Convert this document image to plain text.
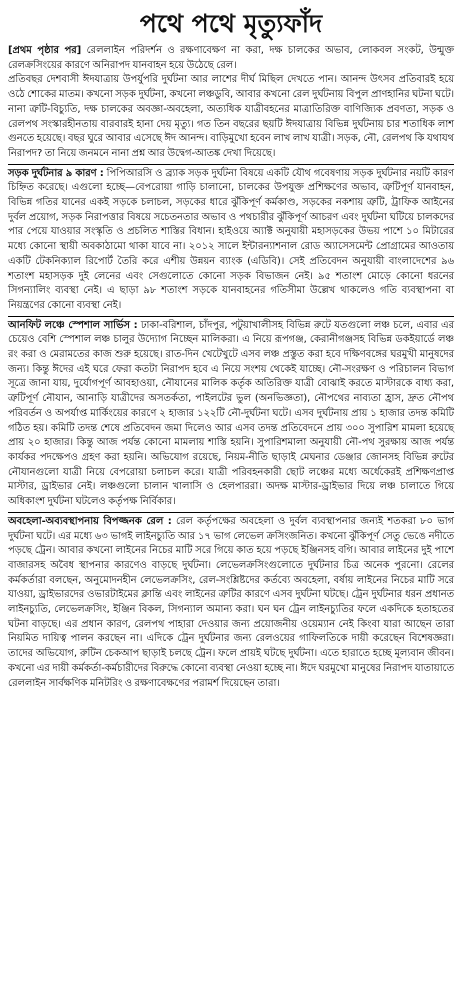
পথে পথে মৃত্যুফাঁদ

[প্রথম পৃষ্ঠার পর] রেললাইন পরিদর্শন ও রক্ষণাবেক্ষণ না করা, দক্ষ চালকের অভাব, লোকবল সংকট, উন্মুক্ত রেলক্রসিংয়ের কারণে অনিরাপদ যানবাহন হয়ে উঠেছে রেল।

প্রতিবছর দেশবাসী ঈদযাত্রায় উপর্যুপরি দুর্ঘটনা আর লাশের দীর্ঘ মিছিল দেখতে পান। আনন্দ উৎসব প্রতিবারই হয়ে ওঠে শোকের মাতম। কখনো সড়ক দুর্ঘটনা, কখনো লঞ্চডুবি, আবার কখনো রেল দুর্ঘটনায় বিপুল প্রাণহানির ঘটনা ঘটে। নানা ত্রুটি-বিচ্যুতি, দক্ষ চালকের অবজ্ঞা-অবহেলা, অত্যধিক যাত্রীবহনের মাত্রাতিরিক্ত বাণিজ্যিক প্রবণতা, সড়ক ও রেলপথ সংস্কারহীনতায় বারবারই হানা দেয় মৃত্যু। গত তিন বছরের ছয়টি ঈদযাত্রায় বিভিন্ন দুর্ঘটনায় চার শতাধিক লাশ গুনতে হয়েছে। বছর ঘুরে আবার এসেছে ঈদ আনন্দ। বাড়িমুখো হবেন লাখ লাখ যাত্রী। সড়ক, নৌ, রেলপথ কি যথাযথ নিরাপদ? তা নিয়ে জনমনে নানা প্রশ্ন আর উদ্বেগ-আতঙ্ক দেখা দিয়েছে।

সড়ক দুর্ঘটনার ৯ কারণ : পিপিআরসি ও ব্র্যাক সড়ক দুর্ঘটনা বিষয়ে একটি যৌথ গবেষণায় সড়ক দুর্ঘটনার নয়টি কারণ চিহ্নিত করেছে। এগুলো হচ্ছে—বেপরোয়া গাড়ি চালানো, চালকের উপযুক্ত প্রশিক্ষণের অভাব, ত্রুটিপূর্ণ যানবাহন, বিভিন্ন গতির যানের একই সড়কে চলাচল, সড়কের ধারে ঝুঁকিপূর্ণ কর্মকাণ্ড, সড়কের নকশায় ত্রুটি, ট্রাফিক আইনের দুর্বল প্রয়োগ, সড়ক নিরাপত্তার বিষয়ে সচেতনতার অভাব ও পথচারীর ঝুঁকিপূর্ণ আচরণ এবং দুর্ঘটনা ঘটিয়ে চালকদের পার পেয়ে যাওয়ার সংস্কৃতি ও প্রচলিত শাস্তির বিধান। হাইওয়ে অ্যাক্ট অনুযায়ী মহাসড়কের উভয় পাশে ১০ মিটারের মধ্যে কোনো স্থায়ী অবকাঠামো থাকা যাবে না। ২০১২ সালে ইন্টারন্যাশনাল রোড অ্যাসেসমেন্ট প্রোগ্রামের আওতায় একটি টেকনিক্যাল রিপোর্ট তৈরি করে এশীয় উন্নয়ন ব্যাংক (এডিবি)। সেই প্রতিবেদন অনুযায়ী বাংলাদেশের ৯৬ শতাংশ মহাসড়ক দুই লেনের এবং সেগুলোতে কোনো সড়ক বিভাজন নেই। ৯৫ শতাংশ মোড়ে কোনো ধরনের সিগন্যালিং ব্যবস্থা নেই। এ ছাড়া ৯৮ শতাংশ সড়কে যানবাহনের গতিসীমা উল্লেখ থাকলেও গতি ব্যবস্থাপনা বা নিয়ন্ত্রণের কোনো ব্যবস্থা নেই।

আনফিট লঞ্চে স্পেশাল সার্ভিস : ঢাকা-বরিশাল, চাঁদপুর, পটুয়াখালীসহ বিভিন্ন রুটে যতগুলো লঞ্চ চলে, এবার এর চেয়েও বেশি স্পেশাল লঞ্চ চালুর উদ্যোগ নিচ্ছেন মালিকরা। এ নিয়ে রূপগঞ্জ, কেরানীগঞ্জসহ বিভিন্ন ডকইয়ার্ডে লঞ্চ রং করা ও মেরামতের কাজ শুরু হয়েছে। রাত-দিন খেটেখুটে এসব লঞ্চ প্রস্তুত করা হবে দক্ষিণবঙ্গের ঘরমুখী মানুষদের জন্য। কিন্তু ঈদের এই ঘরে ফেরা কতটা নিরাপদ হবে এ নিয়ে সংশয় থেকেই যাচ্ছে। নৌ-সংরক্ষণ ও পরিচালন বিভাগ সূত্রে জানা যায়, দুর্যোগপূর্ণ আবহাওয়া, নৌযানের মালিক কর্তৃক অতিরিক্ত যাত্রী বোঝাই করতে মাস্টারকে বাধ্য করা, ত্রুটিপূর্ণ নৌযান, আনাড়ি যাত্রীদের অসতর্কতা, পাইলটের ভুল (অনভিজ্ঞতা), নৌপথের নাব্যতা হ্রাস, দ্রুত নৌপথ পরিবর্তন ও অপর্যাপ্ত মার্কিংয়ের কারণে ২ হাজার ১২২টি নৌ-দুর্ঘটনা ঘটে। এসব দুর্ঘটনায় প্রায় ১ হাজার তদন্ত কমিটি গঠিত হয়। কমিটি তদন্ত শেষে প্রতিবেদন জমা দিলেও আর এসব তদন্ত প্রতিবেদনে প্রায় ৩০০ সুপারিশ মামলা হয়েছে প্রায় ২০ হাজার। কিন্তু আজ পর্যন্ত কোনো মামলায় শাস্তি হয়নি। সুপারিশমালা অনুযায়ী নৌ-পথ সুরক্ষায় আজ পর্যন্ত কার্যকর পদক্ষেপও গ্রহণ করা হয়নি। অভিযোগ রয়েছে, নিয়ম-নীতি ছাড়াই মেঘনার ডেঞ্জার জোনসহ বিভিন্ন রুটের নৌযানগুলো যাত্রী নিয়ে বেপরোয়া চলাচল করে। যাত্রী পরিবহনকারী ছোট লঞ্চের মধ্যে অর্ধেকেরই প্রশিক্ষণপ্রাপ্ত মাস্টার, ড্রাইভার নেই। লঞ্চগুলো চালান খালাসি ও হেলপাররা। অদক্ষ মাস্টার-ড্রাইভার দিয়ে লঞ্চ চালাতে গিয়ে অধিকাংশ দুর্ঘটনা ঘটলেও কর্তৃপক্ষ নির্বিকার।

অবহেলা-অব্যবস্থাপনায় বিপজ্জনক রেল : রেল কর্তৃপক্ষের অবহেলা ও দুর্বল ব্যবস্থাপনার জন্যই শতকরা ৮০ ভাগ দুর্ঘটনা ঘটে। এর মধ্যে ৬৩ ভাগই লাইনচ্যুতি আর ১৭ ভাগ লেভেল ক্রসিংজনিত। কখনো ঝুঁকিপূর্ণ সেতু ভেঙে নদীতে পড়ছে ট্রেন। আবার কখনো লাইনের নিচের মাটি সরে গিয়ে কাত হয়ে পড়ছে ইঞ্জিনসহ বগি। আবার লাইনের দুই পাশে বাজারসহ অবৈধ স্থাপনার কারণেও বাড়ছে দুর্ঘটনা। লেভেলক্রসিংগুলোতে দুর্ঘটনার চিত্র অনেক পুরনো। রেলের কর্মকর্তারা বলছেন, অনুমোদনহীন লেভেলক্রসিং, রেল-সংশ্লিষ্টদের কর্তব্যে অবহেলা, বর্ষায় লাইনের নিচের মাটি সরে যাওয়া, ড্রাইভারদের ওভারটাইমের ক্লান্তি এবং লাইনের ত্রুটির কারণে এসব দুর্ঘটনা ঘটছে। ট্রেন দুর্ঘটনার ধরন প্রধানত লাইনচ্যুতি, লেভেলক্রসিং, ইঞ্জিন বিকল, সিগন্যাল অমান্য করা। ঘন ঘন ট্রেন লাইনচ্যুতির ফলে একদিকে হতাহতের ঘটনা বাড়ছে। এর প্রধান কারণ, রেলপথ পাহারা দেওয়ার জন্য প্রয়োজনীয় ওয়েম্যান নেই কিংবা যারা আছেন তারা নিয়মিত দায়িত্ব পালন করছেন না। এদিকে ট্রেন দুর্ঘটনার জন্য রেলওয়ের গাফিলতিকে দায়ী করেছেন বিশেষজ্ঞরা। তাদের অভিযোগ, রুটিন চেকআপ ছাড়াই চলছে ট্রেন। ফলে প্রায়ই ঘটছে দুর্ঘটনা। এতে হারাতে হচ্ছে মূল্যবান জীবন। কখনো এর দায়ী কর্মকর্তা-কর্মচারীদের বিরুদ্ধে কোনো ব্যবস্থা নেওয়া হচ্ছে না। ঈদে ঘরমুখো মানুষের নিরাপদ যাতায়াতে রেললাইন সার্বক্ষণিক মনিটরিং ও রক্ষণাবেক্ষণের পরামর্শ দিয়েছেন তারা।
